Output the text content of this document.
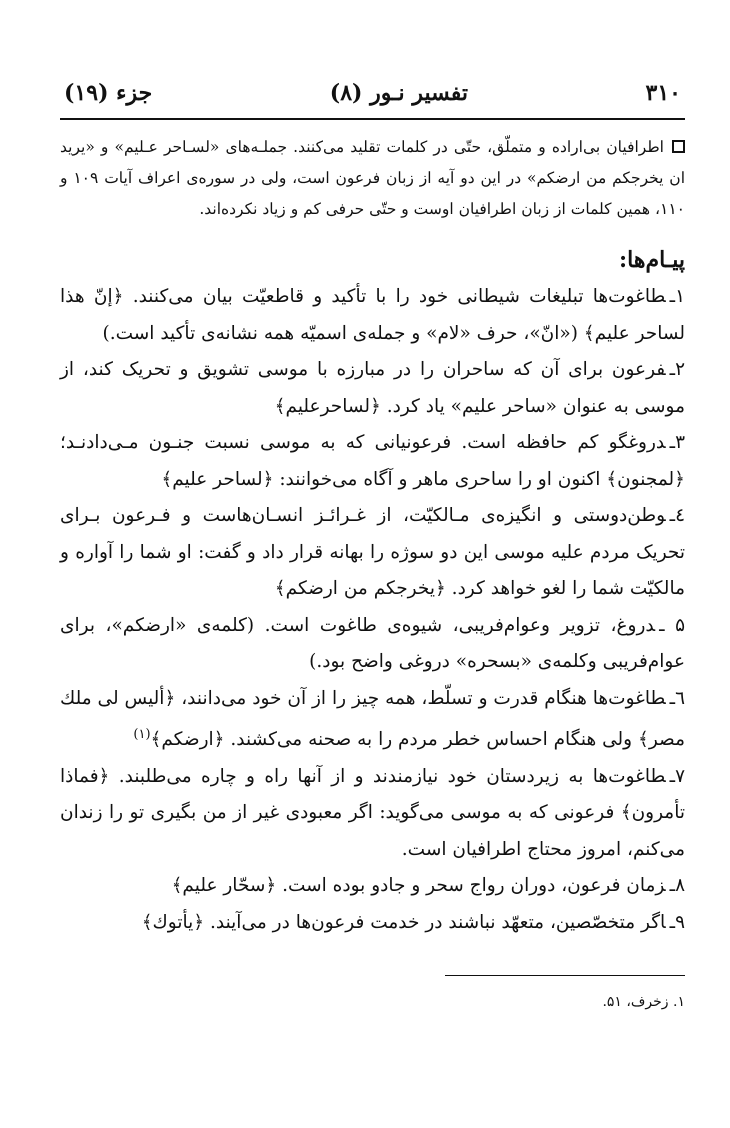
۳۱۰
تفسیر نـور (۸)
جزء (۱۹)
اطرافیان بی‌اراده و متملّق، حتّی در کلمات تقلید می‌کنند. جملـه‌های «لسـاحر عـلیم» و «یرید ان یخرجکم من ارضکم» در این دو آیه از زبان فرعون است، ولی در سوره‌ی اعراف آیات ۱۰۹ و ۱۱۰، همین کلمات از زبان اطرافیان اوست و حتّی حرفی کم و زیاد نکرده‌اند.
پیـام‌ها:

۱ـطاغوت‌ها تبلیغات شیطانی خود را با تأکید و قاطعیّت بیان می‌کنند. ﴿إنّ هذا لساحر علیم﴾ («انّ»، حرف «لام» و جمله‌ی اسمیّه همه نشانه‌ی تأکید است.)

۲ـفرعون برای آن که ساحران را در مبارزه با موسی تشویق و تحریک کند، از موسی به عنوان «ساحر علیم» یاد کرد. ﴿لساحرعلیم﴾

۳ـدروغگو کم حافظه است. فرعونیانی که به موسی نسبت جنـون مـی‌دادنـد؛ ﴿لمجنون﴾ اکنون او را ساحری ماهر و آگاه می‌خوانند: ﴿لساحر علیم﴾

٤ـوطن‌دوستی و انگیزه‌ی مـالکیّت، از غـرائـز انسـان‌هاست و فـرعون بـرای تحریک مردم علیه موسی این دو سوژه را بهانه قرار داد و گفت: او شما را آواره و مالکیّت شما را لغو خواهد کرد. ﴿یخرجکم من ارضکم﴾

۵ ـدروغ، تزویر وعوام‌فریبی، شیوه‌ی طاغوت است. (کلمه‌ی «ارضکم»، برای عوام‌فریبی وکلمه‌ی «بسحره» دروغی واضح بود.)

٦ـطاغوت‌ها هنگام قدرت و تسلّط، همه چیز را از آن خود می‌دانند، ﴿ألیس لی ملك مصر﴾ ولی هنگام احساس خطر مردم را به صحنه می‌کشند. ﴿ارضکم﴾$^{(۱)}$

۷ـطاغوت‌ها به زیردستان خود نیازمندند و از آنها راه و چاره می‌طلبند. ﴿فماذا تأمرون﴾ فرعونی که به موسی می‌گوید: اگر معبودی غیر از من بگیری تو را زندان می‌کنم، امروز محتاج اطرافیان است.

۸ـزمان فرعون، دوران رواج سحر و جادو بوده است. ﴿سحّار علیم﴾

۹ـاگر متخصّصین، متعهّد نباشند در خدمت فرعون‌ها در می‌آیند. ﴿یأتوك﴾

۱. زخرف، ۵۱.
